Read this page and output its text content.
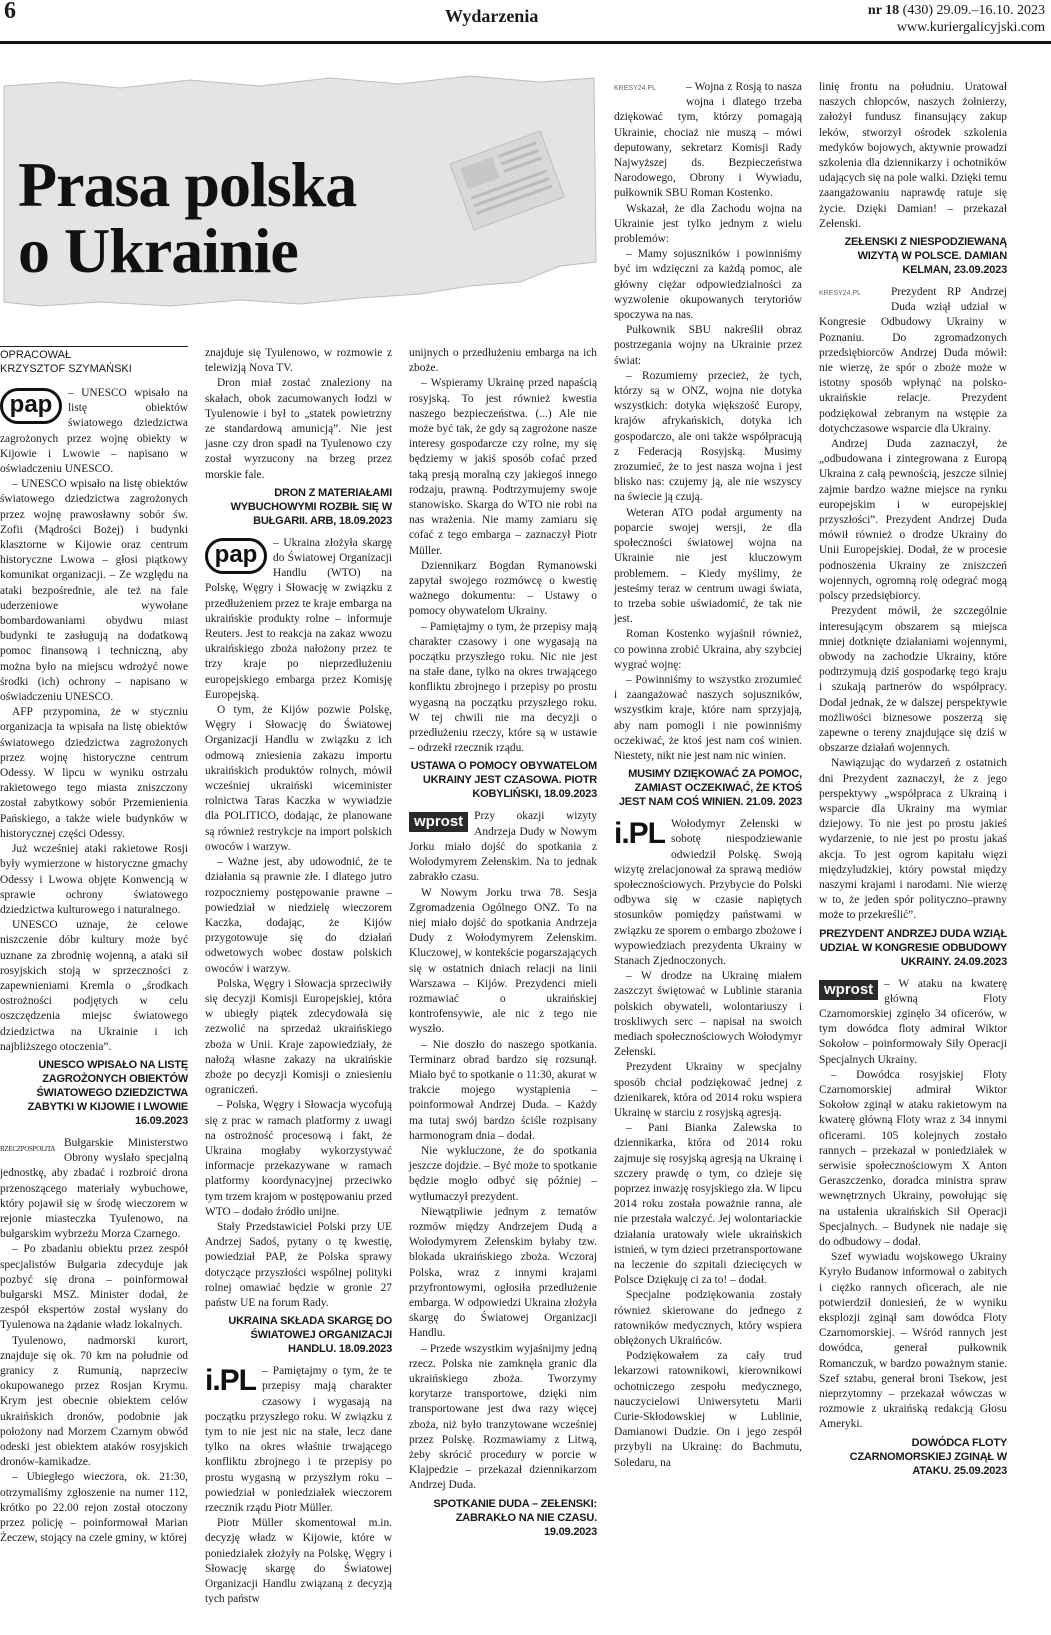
6	Wydarzenia	nr 18 (430) 29.09.–16.10. 2023
www.kuriergalicyjski.com
Prasa polska
o Ukrainie
OPRACOWAŁ
KRZYSZTOF SZYMAŃSKI
pap	– UNESCO wpisało na listę obiektów światowego dziedzictwa zagrożonych przez wojnę obiekty w Kijowie i Lwowie – napisano w oświadczeniu UNESCO.

– UNESCO wpisało na listę obiektów światowego dziedzictwa zagrożonych przez wojnę prawosławny sobór św. Zofii (Mądrości Bożej) i budynki klasztorne w Kijowie oraz centrum historyczne Lwowa – głosi piątkowy komunikat organizacji. – Ze względu na ataki bezpośrednie, ale też na fale uderzeniowe wywołane bombardowaniami obydwu miast budynki te zasługują na dodatkową pomoc finansową i techniczną, aby można było na miejscu wdrożyć nowe środki (ich) ochrony – napisano w oświadczeniu UNESCO.

AFP przypomina, że w styczniu organizacja ta wpisała na listę obiektów światowego dziedzictwa zagrożonych przez wojnę historyczne centrum Odessy. W lipcu w wyniku ostrzału rakietowego tego miasta zniszczony został zabytkowy sobór Przemienienia Pańskiego, a także wiele budynków w historycznej części Odessy.

Już wcześniej ataki rakietowe Rosji były wymierzone w historyczne gmachy Odessy i Lwowa objęte Konwencją w sprawie ochrony światowego dziedzictwa kulturowego i naturalnego.

UNESCO uznaje, że celowe niszczenie dóbr kultury może być uznane za zbrodnię wojenną, a ataki sił rosyjskich stoją w sprzeczności z zapewnieniami Kremla o „środkach ostrożności podjętych w celu oszczędzenia miejsc światowego dziedzictwa na Ukrainie i ich najbliższego otoczenia”.

UNESCO WPISAŁO NA LISTĘ ZAGROŻONYCH OBIEKTÓW ŚWIATOWEGO DZIEDZICTWA ZABYTKI W KIJOWIE I LWOWIE 16.09.2023
RZECZPOSPOLITA Bułgarskie Ministerstwo Obrony wysłało specjalną jednostkę, aby zbadać i rozbroić drona przenoszącego materiały wybuchowe, który pojawił się w środę wieczorem w rejonie miasteczka Tyulenowo, na bułgarskim wybrzeżu Morza Czarnego.

– Po zbadaniu obiektu przez zespół specjalistów Bułgaria zdecyduje jak pozbyć się drona – poinformował bułgarski MSZ. Minister dodał, że zespół ekspertów został wysłany do Tyulenowa na żądanie władz lokalnych.

Tyulenowo, nadmorski kurort, znajduje się ok. 70 km na południe od granicy z Rumunią, naprzeciw okupowanego przez Rosjan Krymu. Krym jest obecnie obiektem celów ukraińskich dronów, podobnie jak położony nad Morzem Czarnym obwód odeski jest obiektem ataków rosyjskich dronów-kamikadze.

– Ubiegłego wieczora, ok. 21:30, otrzymaliśmy zgłoszenie na numer 112, krótko po 22.00 rejon został otoczony przez policję – poinformował Marian Żeczew, stojący na czele gminy, w której

znajduje się Tyulenowo, w rozmowie z telewizją Nova TV.

Dron miał zostać znaleziony na skałach, obok zacumowanych łodzi w Tyulenowie i był to „statek powietrzny ze standardową amunicją”. Nie jest jasne czy dron spadł na Tyulenowo czy został wyrzucony na brzeg przez morskie fale.

DRON Z MATERIAŁAMI WYBUCHOWYMI ROZBIŁ SIĘ W BUŁGARII. ARB, 18.09.2023
pap	– Ukraina złożyła skargę do Światowej Organizacji Handlu (WTO) na Polskę, Węgry i Słowację w związku z przedłużeniem przez te kraje embarga na ukraińskie produkty rolne – informuje Reuters. Jest to reakcja na zakaz wwozu ukraińskiego zboża nałożony przez te trzy kraje po nieprzedłużeniu europejskiego embarga przez Komisję Europejską.

O tym, że Kijów pozwie Polskę, Węgry i Słowację do Światowej Organizacji Handlu w związku z ich odmową zniesienia zakazu importu ukraińskich produktów rolnych, mówił wcześniej ukraiński wiceminister rolnictwa Taras Kaczka w wywiadzie dla POLITICO, dodając, że planowane są również restrykcje na import polskich owoców i warzyw.

– Ważne jest, aby udowodnić, że te działania są prawnie złe. I dlatego jutro rozpoczniemy postępowanie prawne – powiedział w niedzielę wieczorem Kaczka, dodając, że Kijów przygotowuje się do działań odwetowych wobec dostaw polskich owoców i warzyw.

Polska, Węgry i Słowacja sprzeciwiły się decyzji Komisji Europejskiej, która w ubiegły piątek zdecydowała się zezwolić na sprzedaż ukraińskiego zboża w Unii. Kraje zapowiedziały, że nałożą własne zakazy na ukraińskie zboże po decyzji Komisji o zniesieniu ograniczeń.

– Polska, Węgry i Słowacja wycofują się z prac w ramach platformy z uwagi na ostrożność procesową i fakt, że Ukraina mogłaby wykorzystywać informacje przekazywane w ramach platformy koordynacyjnej przeciwko tym trzem krajom w postępowaniu przed WTO – dodało źródło unijne.

Stały Przedstawiciel Polski przy UE Andrzej Sadoś, pytany o tę kwestię, powiedział PAP, że Polska sprawy dotyczące przyszłości wspólnej polityki rolnej omawiać będzie w gronie 27 państw UE na forum Rady.

UKRAINA SKŁADA SKARGĘ DO ŚWIATOWEJ ORGANIZACJI HANDLU. 18.09.2023
i.PL – Pamiętajmy o tym, że te przepisy mają charakter czasowy i wygasają na początku przyszłego roku. W związku z tym to nie jest nic na stałe, lecz dane tylko na okres właśnie trwającego konfliktu zbrojnego i te przepisy po prostu wygasną w przyszłym roku – powiedział w poniedziałek wieczorem rzecznik rządu Piotr Müller.

Piotr Müller skomentował m.in. decyzję władz w Kijowie, które w poniedziałek złożyły na Polskę, Węgry i Słowację skargę do Światowej Organizacji Handlu związaną z decyzją tych państw

unijnych o przedłużeniu embarga na ich zboże.

– Wspieramy Ukrainę przed napaścią rosyjską. To jest również kwestia naszego bezpieczeństwa. (...) Ale nie może być tak, że gdy są zagrożone nasze interesy gospodarcze czy rolne, my się będziemy w jakiś sposób cofać przed taką presją moralną czy jakiegoś innego rodzaju, prawną. Podtrzymujemy swoje stanowisko. Skarga do WTO nie robi na nas wrażenia. Nie mamy zamiaru się cofać z tego embarga – zaznaczył Piotr Müller.

Dziennikarz Bogdan Rymanowski zapytał swojego rozmówcę o kwestię ważnego dokumentu: – Ustawy o pomocy obywatelom Ukrainy.

– Pamiętajmy o tym, że przepisy mają charakter czasowy i one wygasają na początku przyszłego roku. Nic nie jest na stałe dane, tylko na okres trwającego konfliktu zbrojnego i przepisy po prostu wygasną na początku przyszłego roku. W tej chwili nie ma decyzji o przedłużeniu rzeczy, które są w ustawie – odrzekł rzecznik rządu.

USTAWA O POMOCY OBYWATELOM UKRAINY JEST CZASOWA. PIOTR KOBYLIŃSKI, 18.09.2023
wprost Przy okazji wizyty Andrzeja Dudy w Nowym Jorku miało dojść do spotkania z Wołodymyrem Zełenskim. Na to jednak zabrakło czasu.

W Nowym Jorku trwa 78. Sesja Zgromadzenia Ogólnego ONZ. To na niej miało dojść do spotkania Andrzeja Dudy z Wołodymyrem Zełenskim. Kluczowej, w kontekście pogarszających się w ostatnich dniach relacji na linii Warszawa – Kijów. Prezydenci mieli rozmawiać o ukraińskiej kontrofensywie, ale nic z tego nie wyszło.

– Nie doszło do naszego spotkania. Terminarz obrad bardzo się rozsunął. Miało być to spotkanie o 11:30, akurat w trakcie mojego wystąpienia – poinformował Andrzej Duda. – Każdy ma tutaj swój bardzo ściśle rozpisany harmonogram dnia – dodał.

Nie wykluczone, że do spotkania jeszcze dojdzie. – Być może to spotkanie będzie mogło odbyć się później – wytłumaczył prezydent.

Niewątpliwie jednym z tematów rozmów między Andrzejem Dudą a Wołodymyrem Zełenskim byłaby tzw. blokada ukraińskiego zboża. Wczoraj Polska, wraz z innymi krajami przyfrontowymi, ogłosiła przedłużenie embarga. W odpowiedzi Ukraina złożyła skargę do Światowej Organizacji Handlu.

– Przede wszystkim wyjaśnijmy jedną rzecz. Polska nie zamknęła granic dla ukraińskiego zboża. Tworzymy korytarze transportowe, dzięki nim transportowane jest dwa razy więcej zboża, niż było tranzytowane wcześniej przez Polskę. Rozmawiamy z Litwą, żeby skrócić procedury w porcie w Kłajpedzie – przekazał dziennikarzom Andrzej Duda.

SPOTKANIE DUDA – ZEŁENSKI: ZABRAKŁO NA NIE CZASU. 19.09.2023
KRESY24.PL	– Wojna z Rosją to nasza wojna i dlatego trzeba dziękować tym, którzy pomagają Ukrainie, chociaż nie muszą – mówi deputowany, sekretarz Komisji Rady Najwyższej ds. Bezpieczeństwa Narodowego, Obrony i Wywiadu, pułkownik SBU Roman Kostenko.

Wskazał, że dla Zachodu wojna na Ukrainie jest tylko jednym z wielu problemów:

– Mamy sojuszników i powinniśmy być im wdzięczni za każdą pomoc, ale główny ciężar odpowiedzialności za wyzwolenie okupowanych terytoriów spoczywa na nas.

Pułkownik SBU nakreślił obraz postrzegania wojny na Ukrainie przez świat:

– Rozumiemy przecież, że tych, którzy są w ONZ, wojna nie dotyka wszystkich: dotyka większość Europy, krajów afrykańskich, dotyka ich gospodarczo, ale oni także współpracują z Federacją Rosyjską. Musimy zrozumieć, że to jest nasza wojna i jest blisko nas: czujemy ją, ale nie wszyscy na świecie ją czują.

Weteran ATO podał argumenty na poparcie swojej wersji, że dla społeczności światowej wojna na Ukrainie nie jest kluczowym problemem. – Kiedy myślimy, że jesteśmy teraz w centrum uwagi świata, to trzeba sobie uświadomić, że tak nie jest.

Roman Kostenko wyjaśnił również, co powinna zrobić Ukraina, aby szybciej wygrać wojnę:

– Powinniśmy to wszystko zrozumieć i zaangażować naszych sojuszników, wszystkim kraje, które nam sprzyjają, aby nam pomogli i nie powinniśmy oczekiwać, że ktoś jest nam coś winien. Niestety, nikt nie jest nam nic winien.

MUSIMY DZIĘKOWAĆ ZA POMOC, ZAMIAST OCZEKIWAĆ, ŻE KTOŚ JEST NAM COŚ WINIEN. 21.09. 2023
i.PL Wołodymyr Zełenski w sobotę niespodziewanie odwiedził Polskę. Swoją wizytę zrelacjonował za sprawą mediów społecznościowych. Przybycie do Polski odbywa się w czasie napiętych stosunków pomiędzy państwami w związku ze sporem o embargo zbożowe i wypowiedziach prezydenta Ukrainy w Stanach Zjednoczonych.

– W drodze na Ukrainę miałem zaszczyt świętować w Lublinie starania polskich obywateli, wolontariuszy i troskliwych serc – napisał na swoich mediach społecznościowych Wołodymyr Zełenski.

Prezydent Ukrainy w specjalny sposób chciał podziękować jednej z dzienikarek, która od 2014 roku wspiera Ukrainę w starciu z rosyjską agresją.

– Pani Bianka Zalewska to dziennikarka, która od 2014 roku zajmuje się rosyjską agresją na Ukrainę i szczery prawdę o tym, co dzieje się poprzez inwazję rosyjskiego zła. W lipcu 2014 roku została poważnie ranna, ale nie przestała walczyć. Jej wolontariackie działania uratowały wiele ukraińskich istnień, w tym dzieci przetransportowane na leczenie do szpitali dziecięcych w Polsce Dziękuję ci za to! – dodał.

Specjalne podziękowania zostały również skierowane do jednego z ratowników medycznych, który wspiera obłężonych Ukraińców.

Podziękowałem za cały trud lekarzowi ratownikowi, kierownikowi ochotniczego zespołu medycznego, nauczycielowi Uniwersytetu Marii Curie-Skłodowskiej w Lublinie, Damianowi Dudzie. On i jego zespół przybyli na Ukrainę: do Bachmutu, Soledaru, na

linię frontu na południu. Uratował naszych chłopców, naszych żołnierzy, założył fundusz finansujący zakup leków, stworzył ośrodek szkolenia medyków bojowych, aktywnie prowadzi szkolenia dla dziennikarzy i ochotników udających się na pole walki. Dzięki temu zaangażowaniu naprawdę ratuje się życie. Dzięki Damian! – przekazał Zełenski.

ZEŁENSKI Z NIESPODZIEWANĄ WIZYTĄ W POLSCE. DAMIAN KELMAN, 23.09.2023
KRESY24.PL	Prezydent RP Andrzej Duda wziął udział w Kongresie Odbudowy Ukrainy w Poznaniu. Do zgromadzonych przedsiębiorców Andrzej Duda mówił: nie wierzę, że spór o zboże może w istotny sposób wpłynąć na polsko-ukraińskie relacje. Prezydent podziękował zebranym na wstępie za dotychczasowe wsparcie dla Ukrainy.

Andrzej Duda zaznaczył, że „odbudowana i zintegrowana z Europą Ukraina z całą pewnością, jeszcze silniej zajmie bardzo ważne miejsce na rynku europejskim i w europejskiej przyszłości”. Prezydent Andrzej Duda mówił również o drodze Ukrainy do Unii Europejskiej. Dodał, że w procesie podnoszenia Ukrainy ze zniszczeń wojennych, ogromną rolę odegrać mogą polscy przedsiębiorcy.

Prezydent mówił, że szczególnie interesującym obszarem są miejsca mniej dotknięte działaniami wojennymi, obwody na zachodzie Ukrainy, które podtrzymują dziś gospodarkę tego kraju i szukają partnerów do współpracy. Dodał jednak, że w dalszej perspektywie możliwości biznesowe poszerzą się zapewne o tereny znajdujące się dziś w obszarze działań wojennych.

Nawiązując do wydarzeń z ostatnich dni Prezydent zaznaczył, że z jego perspektywy „współpraca z Ukrainą i wsparcie dla Ukrainy ma wymiar dziejowy. To nie jest po prostu jakieś wydarzenie, to nie jest po prostu jakaś akcja. To jest ogrom kapitału więzi międzyludzkiej, który powstał między naszymi krajami i narodami. Nie wierzę w to, że jeden spór polityczno–prawny może to przekreślić”.

PREZYDENT ANDRZEJ DUDA WZIĄŁ UDZIAŁ W KONGRESIE ODBUDOWY UKRAINY. 24.09.2023
wprost – W ataku na kwaterę główną Floty Czarnomorskiej zginęło 34 oficerów, w tym dowódca floty admirał Wiktor Sokołow – poinformowały Siły Operacji Specjalnych Ukrainy.

– Dowódca rosyjskiej Floty Czarnomorskiej admirał Wiktor Sokołow zginął w ataku rakietowym na kwaterę główną Floty wraz z 34 innymi oficerami. 105 kolejnych zostało rannych – przekazał w poniedziałek w serwisie społecznościowym X Anton Geraszczenko, doradca ministra spraw wewnętrznych Ukrainy, powołując się na ustalenia ukraińskich Sił Operacji Specjalnych. – Budynek nie nadaje się do odbudowy – dodał.

Szef wywiadu wojskowego Ukrainy Kyryło Budanow informował o zabitych i ciężko rannych oficerach, ale nie potwierdził doniesień, że w wyniku eksplozji zginął sam dowódca Floty Czarnomorskiej. – Wśród rannych jest dowódca, generał pułkownik Romanczuk, w bardzo poważnym stanie. Szef sztabu, generał broni Tsekow, jest nieprzytomny – przekazał wówczas w rozmowie z ukraińską redakcją Głosu Ameryki.

DOWÓDCA FLOTY CZARNOMORSKIEJ ZGINĄŁ W ATAKU. 25.09.2023
